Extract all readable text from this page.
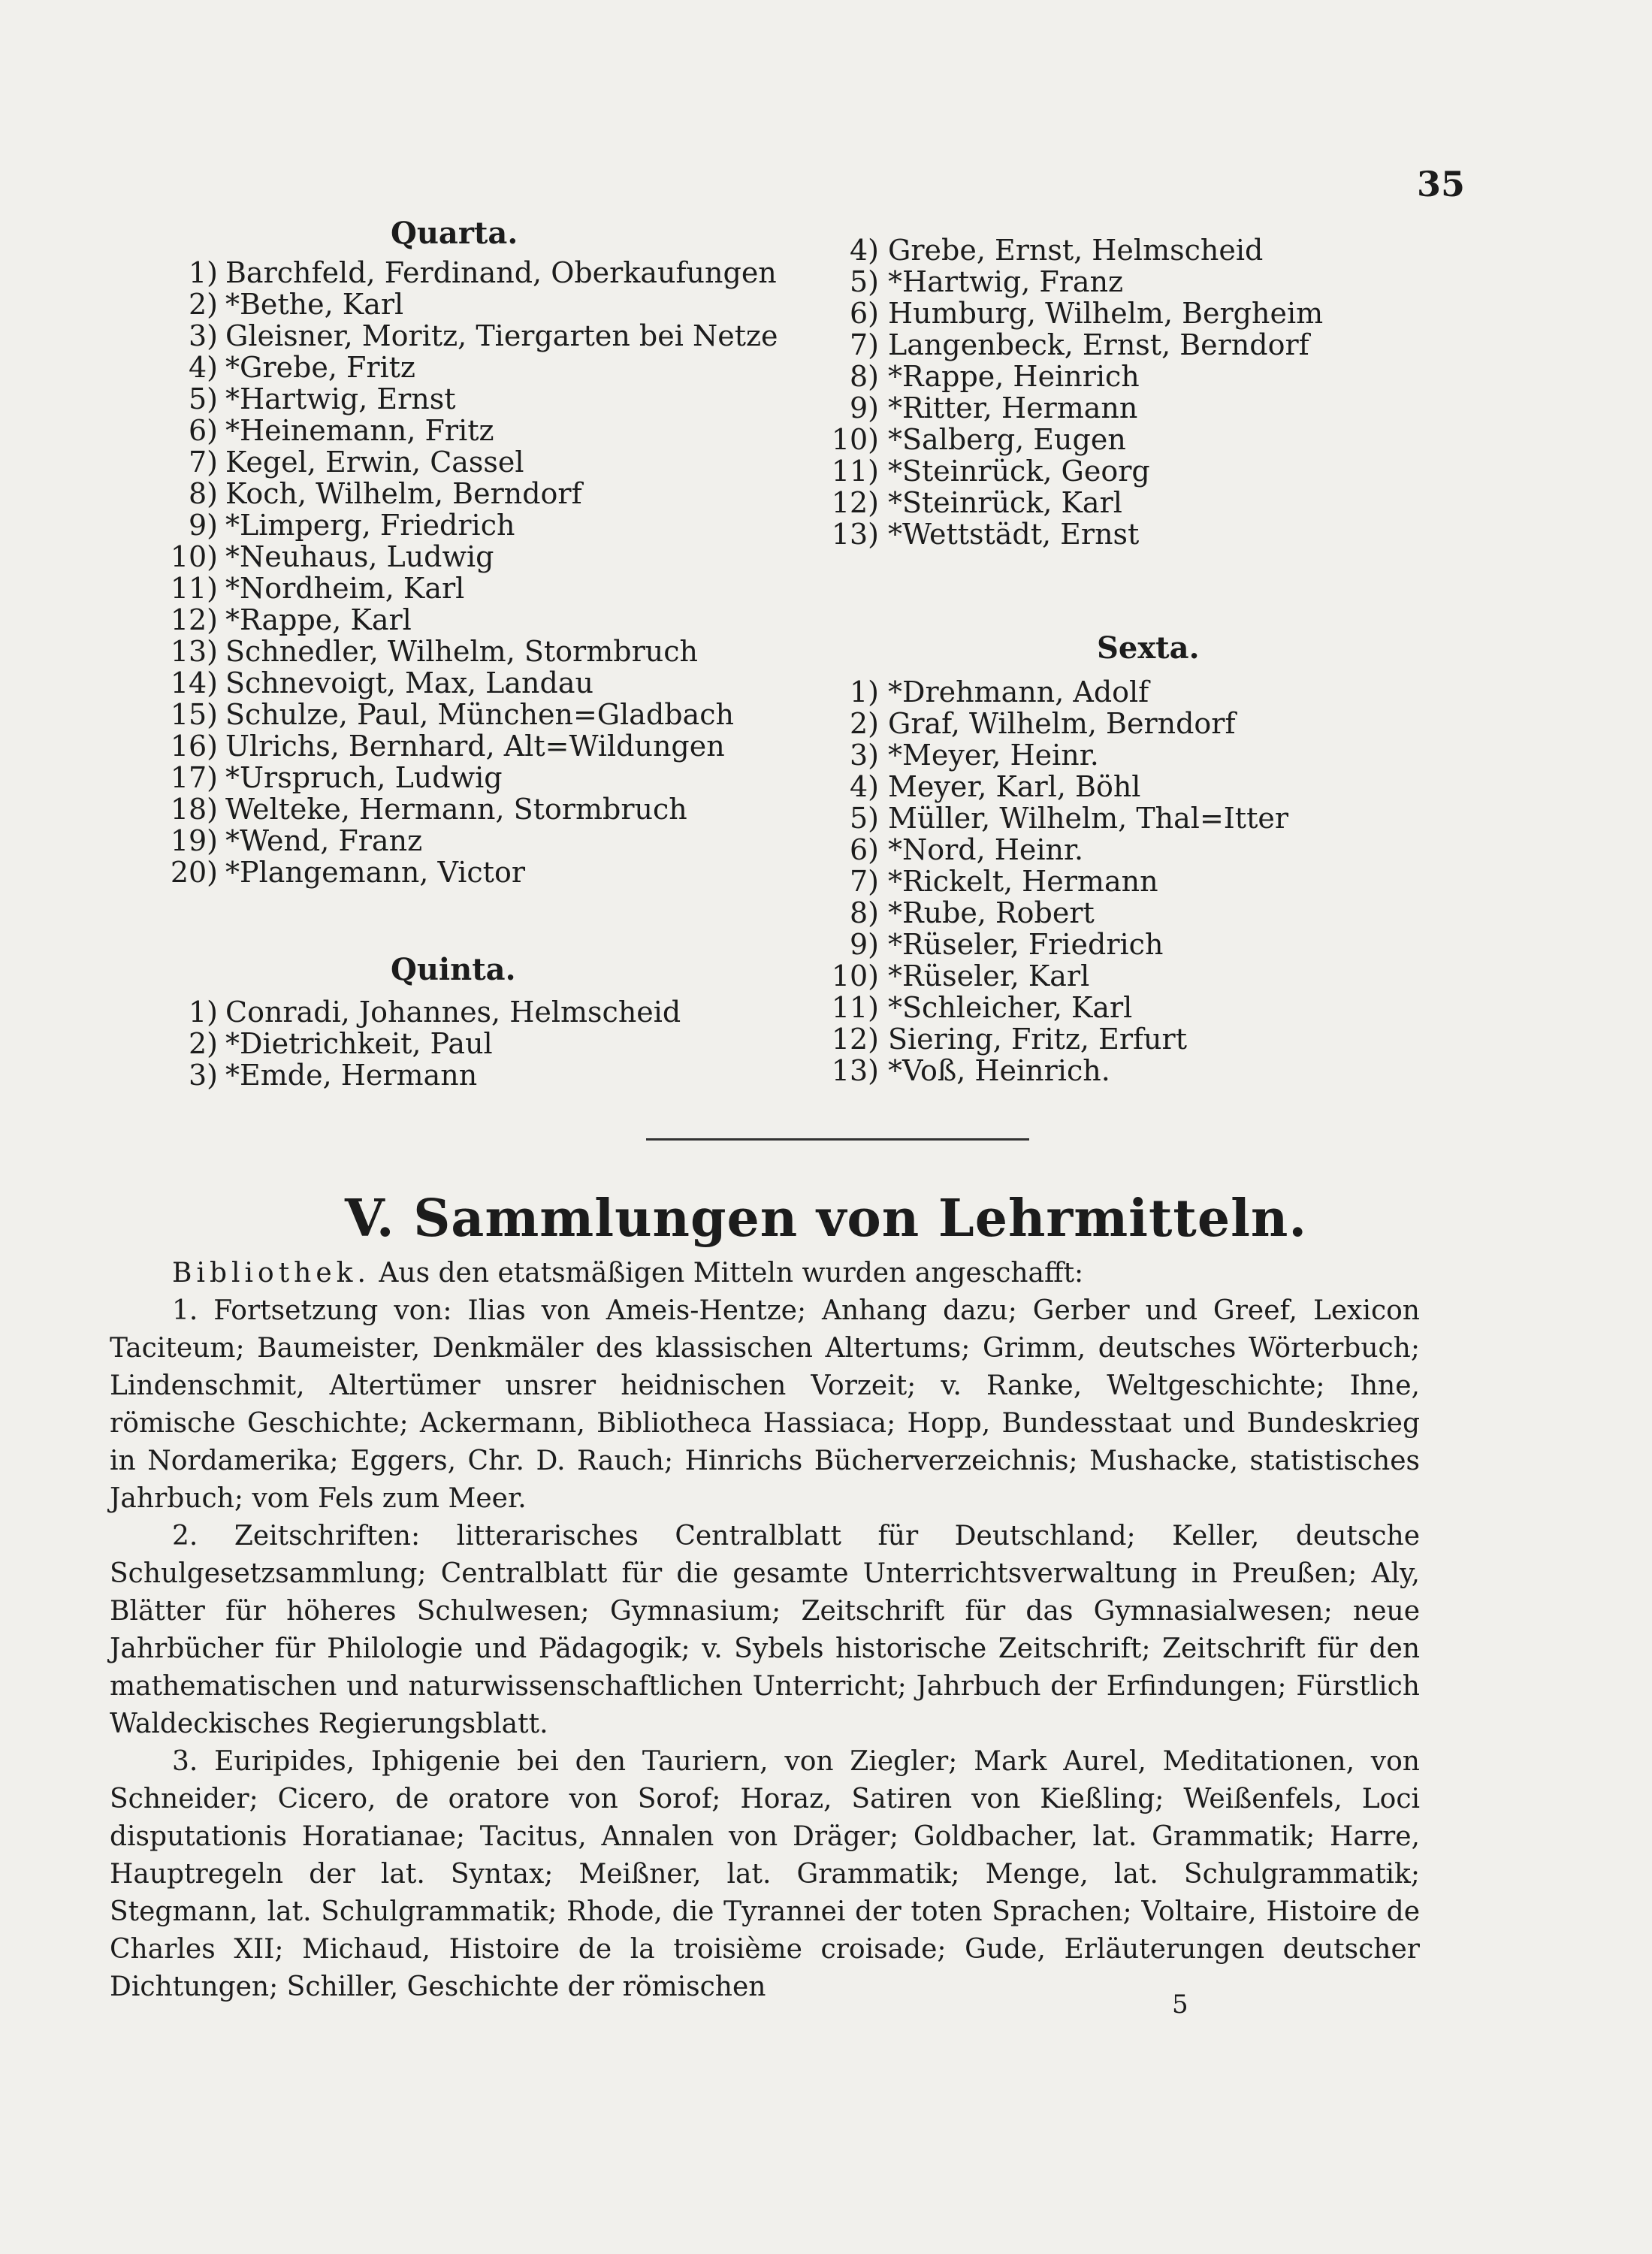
35
Quarta.
1) Barchfeld, Ferdinand, Oberkaufungen
2) *Bethe, Karl
3) Gleisner, Moritz, Tiergarten bei Netze
4) *Grebe, Fritz
5) *Hartwig, Ernst
6) *Heinemann, Fritz
7) Kegel, Erwin, Cassel
8) Koch, Wilhelm, Berndorf
9) *Limperg, Friedrich
10) *Neuhaus, Ludwig
11) *Nordheim, Karl
12) *Rappe, Karl
13) Schnedler, Wilhelm, Stormbruch
14) Schnevoigt, Max, Landau
15) Schulze, Paul, München=Gladbach
16) Ulrichs, Bernhard, Alt=Wildungen
17) *Urspruch, Ludwig
18) Welteke, Hermann, Stormbruch
19) *Wend, Franz
20) *Plangemann, Victor
4) Grebe, Ernst, Helmscheid
5) *Hartwig, Franz
6) Humburg, Wilhelm, Bergheim
7) Langenbeck, Ernst, Berndorf
8) *Rappe, Heinrich
9) *Ritter, Hermann
10) *Salberg, Eugen
11) *Steinrück, Georg
12) *Steinrück, Karl
13) *Wettstädt, Ernst
Quinta.
1) Conradi, Johannes, Helmscheid
2) *Dietrichkeit, Paul
3) *Emde, Hermann
Sexta.
1) *Drehmann, Adolf
2) Graf, Wilhelm, Berndorf
3) *Meyer, Heinr.
4) Meyer, Karl, Böhl
5) Müller, Wilhelm, Thal=Itter
6) *Nord, Heinr.
7) *Rickelt, Hermann
8) *Rube, Robert
9) *Rüseler, Friedrich
10) *Rüseler, Karl
11) *Schleicher, Karl
12) Siering, Fritz, Erfurt
13) *Voß, Heinrich.
V. Sammlungen von Lehrmitteln.

Bibliothek. Aus den etatsmäßigen Mitteln wurden angeschafft:

1. Fortsetzung von: Ilias von Ameis-Hentze; Anhang dazu; Gerber und Greef, Lexicon Taciteum; Baumeister, Denkmäler des klassischen Altertums; Grimm, deutsches Wörterbuch; Lindenschmit, Altertümer unsrer heidnischen Vorzeit; v. Ranke, Weltgeschichte; Ihne, römische Geschichte; Ackermann, Bibliotheca Hassiaca; Hopp, Bundesstaat und Bundeskrieg in Nordamerika; Eggers, Chr. D. Rauch; Hinrichs Bücherverzeichnis; Mushacke, statistisches Jahrbuch; vom Fels zum Meer.

2. Zeitschriften: litterarisches Centralblatt für Deutschland; Keller, deutsche Schulgesetzsammlung; Centralblatt für die gesamte Unterrichtsverwaltung in Preußen; Aly, Blätter für höheres Schulwesen; Gymnasium; Zeitschrift für das Gymnasialwesen; neue Jahrbücher für Philologie und Pädagogik; v. Sybels historische Zeitschrift; Zeitschrift für den mathematischen und naturwissenschaftlichen Unterricht; Jahrbuch der Erfindungen; Fürstlich Waldeckisches Regierungsblatt.

3. Euripides, Iphigenie bei den Tauriern, von Ziegler; Mark Aurel, Meditationen, von Schneider; Cicero, de oratore von Sorof; Horaz, Satiren von Kießling; Weißenfels, Loci disputationis Horatianae; Tacitus, Annalen von Dräger; Goldbacher, lat. Grammatik; Harre, Hauptregeln der lat. Syntax; Meißner, lat. Grammatik; Menge, lat. Schulgrammatik; Stegmann, lat. Schulgrammatik; Rhode, die Tyrannei der toten Sprachen; Voltaire, Histoire de Charles XII; Michaud, Histoire de la troisième croisade; Gude, Erläuterungen deutscher Dichtungen; Schiller, Geschichte der römischen

5
